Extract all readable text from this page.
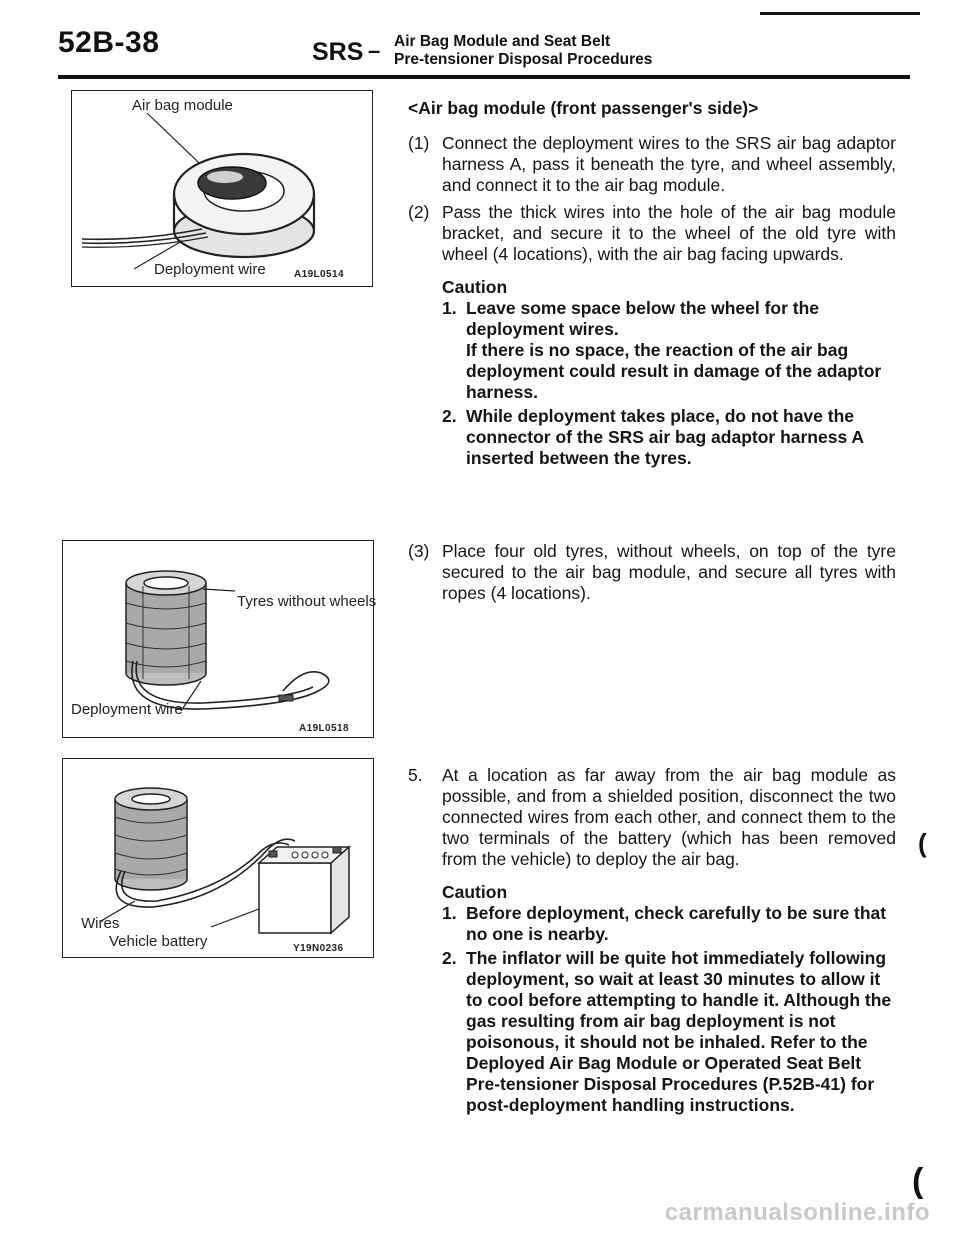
52B-38	SRS – Air Bag Module and Seat Belt
Pre-tensioner Disposal Procedures
Air bag module
Deployment wire	A19L0514
Tyres without wheels
Deployment wire
A19L0518
Wires
Vehicle battery	Y19N0236
<Air bag module (front passenger's side)>
(1) Connect the deployment wires to the SRS air bag adaptor harness A, pass it beneath the tyre, and wheel assembly, and connect it to the air bag module.
(2) Pass the thick wires into the hole of the air bag module bracket, and secure it to the wheel of the old tyre with wheel (4 locations), with the air bag facing upwards.
Caution
1. Leave some space below the wheel for the deployment wires.

If there is no space, the reaction of the air bag deployment could result in damage of the adaptor harness.

2. While deployment takes place, do not have the connector of the SRS air bag adaptor harness A inserted between the tyres.

(3) Place four old tyres, without wheels, on top of the tyre secured to the air bag module, and secure all tyres with ropes (4 locations).
5. At a location as far away from the air bag module as possible, and from a shielded position, disconnect the two connected wires from each other, and connect them to the two terminals of the battery (which has been removed from the vehicle) to deploy the air bag.
Caution
1. Before deployment, check carefully to be sure that no one is nearby.

2. The inflator will be quite hot immediately following deployment, so wait at least 30 minutes to allow it to cool before attempting to handle it. Although the gas resulting from air bag deployment is not poisonous, it should not be inhaled. Refer to the Deployed Air Bag Module or Operated Seat Belt Pre-tensioner Disposal Procedures (P.52B-41) for post-deployment handling instructions.

(
(
carmanualsonline.info
